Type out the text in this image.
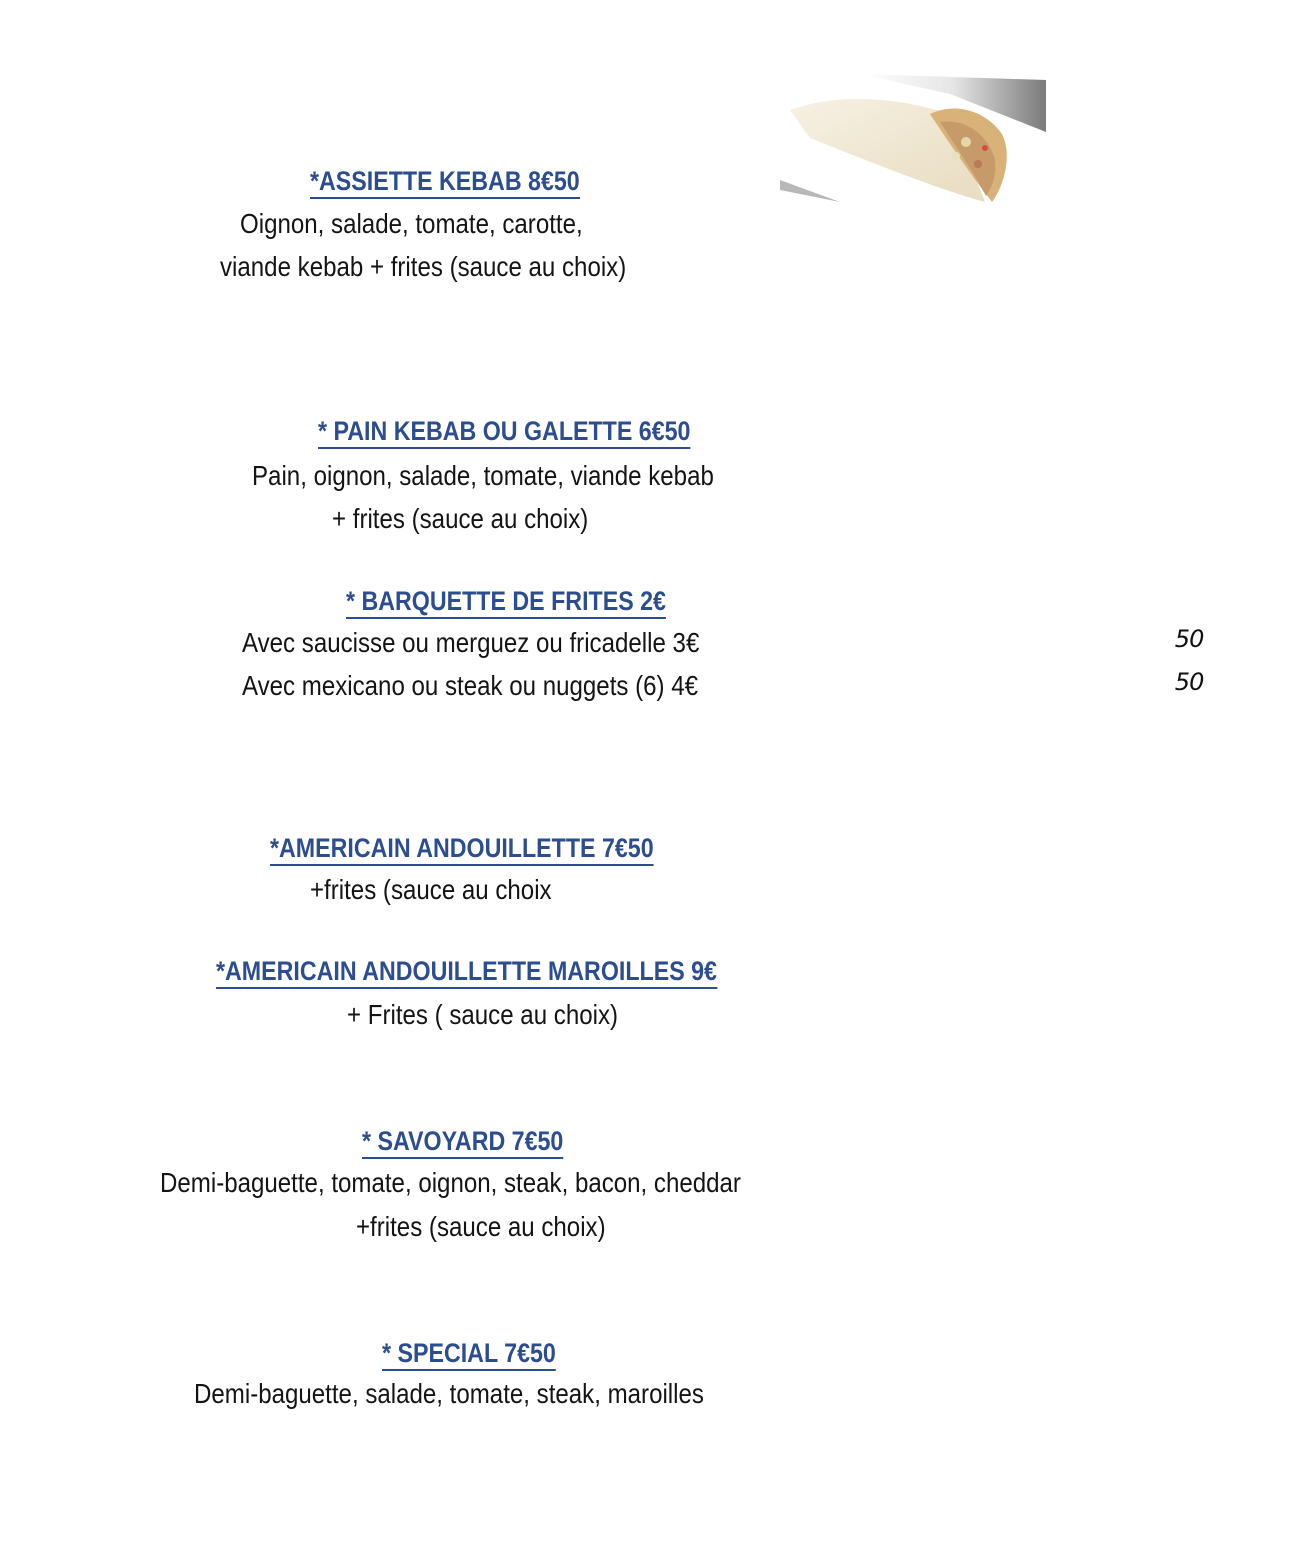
*ASSIETTE KEBAB 8€50
Oignon, salade, tomate, carotte,
viande kebab + frites (sauce au choix)
* PAIN KEBAB OU GALETTE 6€50
Pain, oignon, salade, tomate, viande kebab
+ frites (sauce au choix)
* BARQUETTE DE FRITES 2€
Avec saucisse ou merguez ou fricadelle 3€	50
Avec mexicano ou steak ou nuggets (6) 4€	50
*AMERICAIN ANDOUILLETTE 7€50
+frites (sauce au choix
*AMERICAIN ANDOUILLETTE MAROILLES 9€
+ Frites ( sauce au choix)
* SAVOYARD 7€50
Demi-baguette, tomate, oignon, steak, bacon, cheddar
+frites (sauce au choix)
* SPECIAL 7€50
Demi-baguette, salade, tomate, steak, maroilles
